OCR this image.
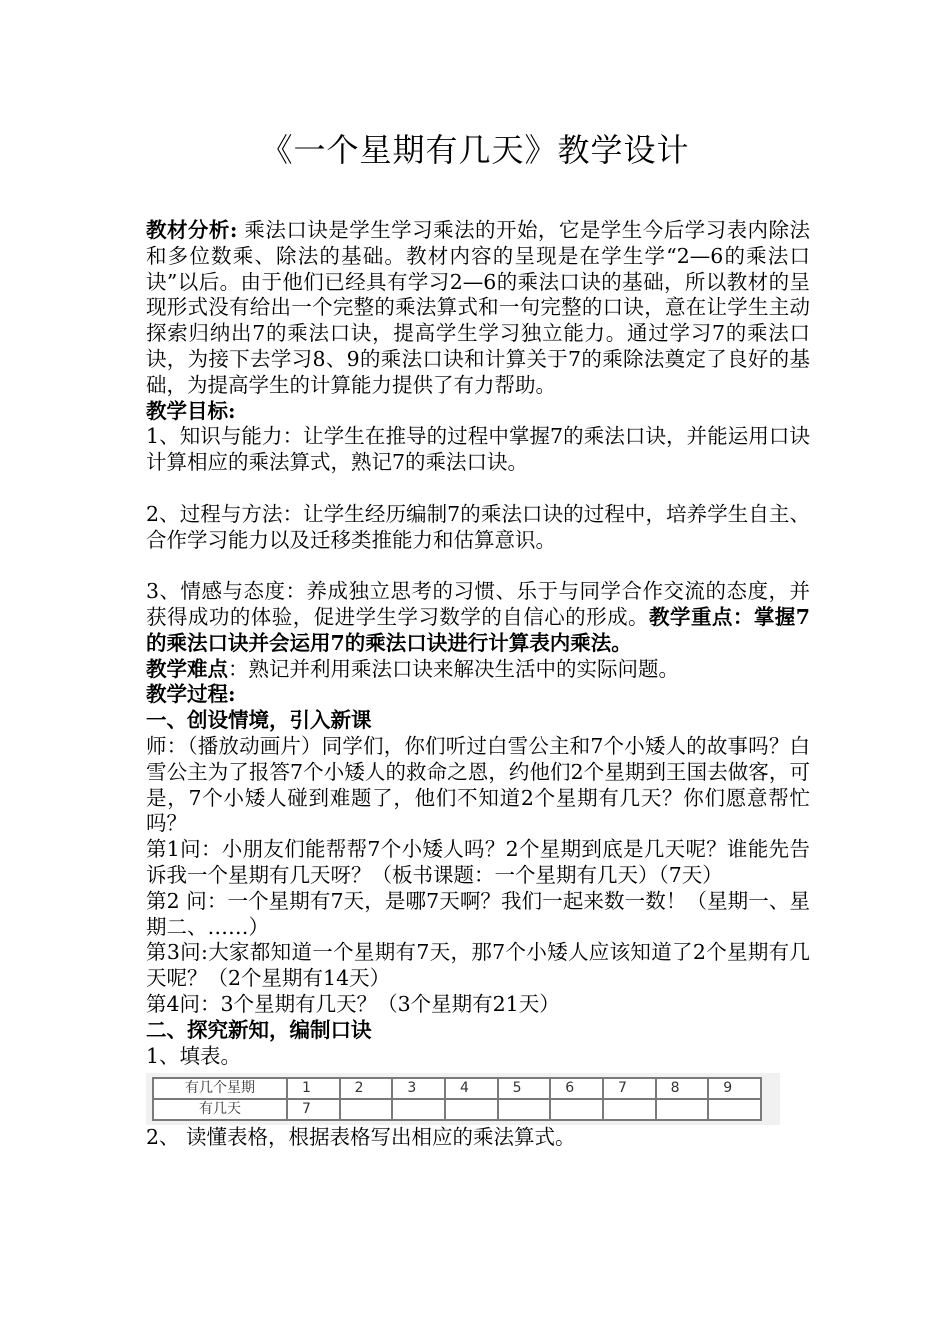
《一个星期有几天》教学设计

教材分析: 乘法口诀是学生学习乘法的开始，它是学生今后学习表内除法和多位数乘、除法的基础。教材内容的呈现是在学生学“2—6的乘法口诀”以后。由于他们已经具有学习2—6的乘法口诀的基础，所以教材的呈现形式没有给出一个完整的乘法算式和一句完整的口诀，意在让学生主动探索归纳出7的乘法口诀，提高学生学习独立能力。通过学习7的乘法口诀，为接下去学习8、9的乘法口诀和计算关于7的乘除法奠定了良好的基础，为提高学生的计算能力提供了有力帮助。

教学目标:

1、知识与能力：让学生在推导的过程中掌握7的乘法口诀，并能运用口诀计算相应的乘法算式，熟记7的乘法口诀。

2、过程与方法：让学生经历编制7的乘法口诀的过程中，培养学生自主、合作学习能力以及迁移类推能力和估算意识。

3、情感与态度：养成独立思考的习惯、乐于与同学合作交流的态度，并获得成功的体验，促进学生学习数学的自信心的形成。教学重点：掌握7的乘法口诀并会运用7的乘法口诀进行计算表内乘法。

教学难点：熟记并利用乘法口诀来解决生活中的实际问题。

教学过程:

一、创设情境，引入新课

师：（播放动画片）同学们，你们听过白雪公主和7个小矮人的故事吗？白雪公主为了报答7个小矮人的救命之恩，约他们2个星期到王国去做客，可是，7个小矮人碰到难题了，他们不知道2个星期有几天？你们愿意帮忙吗？

第1问：小朋友们能帮帮7个小矮人吗？2个星期到底是几天呢？谁能先告诉我一个星期有几天呀？（板书课题：一个星期有几天）（7天）

第2 问：一个星期有7天，是哪7天啊？我们一起来数一数！（星期一、星期二、……）

第3问:大家都知道一个星期有7天，那7个小矮人应该知道了2个星期有几天呢？（2个星期有14天）

第4问：3个星期有几天？（3个星期有21天）

二、探究新知，编制口诀

1、填表。

有几个星期	1	2	3	4	5	6	7	8	9
有几天	7								

2、 读懂表格，根据表格写出相应的乘法算式。
